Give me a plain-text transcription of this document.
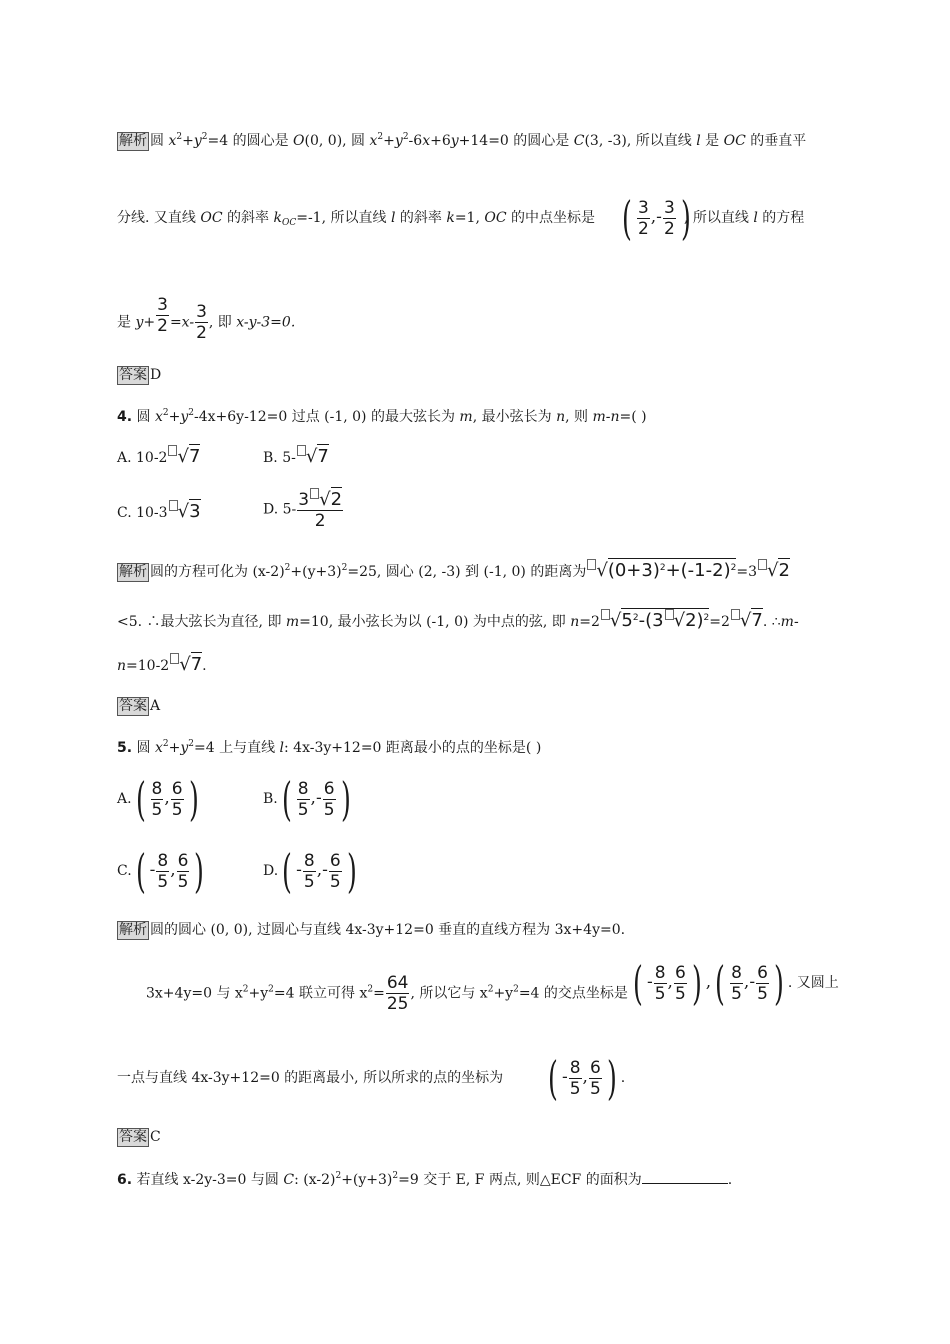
解析 圆 $x^2+y^2=4$ 的圆心是 O(0, 0), 圆 $x^2+y^2-6x+6y+14=0$ 的圆心是 C(3, -3), 所以直线 l 是 OC 的垂直平
分线. 又直线 OC 的斜率 $k_{OC}=-1$, 所以直线 l 的斜率 k=1, OC 的中点坐标是 ( $\frac{3}{2}$ ,- $\frac{3}{2}$ )
, 所以直线 l 的方程
是 $y+ \frac{3}{2} =x- \frac{3}{2}$ , 即 x-y-3=0.
答案 D
4. 圆 $x^2+y^2-4x+6y-12=0$ 过点 (-1, 0) 的最大弦长为 m, 最小弦长为 n, 则 m-n=( )
A. 10-2 √7	B. 5- √7
C. 10-3 √3	D. $5- \frac{3 √2}{2}$
解析 圆的方程可化为 $(x-2)^2+(y+3)^2=25$, 圆心 (2, -3) 到 (-1, 0) 的距离为 $√(0+3)^2+(-1-2)^2=3$ √2
<5. ∴最大弦长为直径, 即 m=10, 最小弦长为以 (-1, 0) 为中点的弦, 即 n=2 $√5^2-(3$ √2)$^2$=2 √7. ∴m-
n=10-2 √7.
答案 A
5. 圆 $x^2+y^2=4$ 上与直线 l: 4x-3y+12=0 距离最小的点的坐标是( )
$A.( \frac{8}{5}$ , $\frac{6}{5}$ )	$B.( \frac{8}{5}$ ,- $\frac{6}{5}$ )
$C.( - \frac{8}{5}$ , $\frac{6}{5}$ )	$D.( - \frac{8}{5}$ ,- $\frac{6}{5}$ )
解析 圆的圆心 (0, 0), 过圆心与直线 4x-3y+12=0 垂直的直线方程为 3x+4y=0.
3x+4y=0 与 $x^2+y^2=4$ 联立可得 $x^2= \frac{64}{25}$ , 所以它与 $x^2+y^2=4$ 的交点坐标是 ( - $\frac{8}{5}$ , $\frac{6}{5}$ ) ,( $\frac{8}{5}$ ,- $\frac{6}{5}$ ) . 又圆上
一点与直线 4x-3y+12=0 的距离最小, 所以所求的点的坐标为 ( - $\frac{8}{5}$ , $\frac{6}{5}$ ) .
答案 C
6. 若直线 x-2y-3=0 与圆 C: $(x-2)^2+(y+3)^2=9$ 交于 E, F 两点, 则△ECF 的面积为	.
